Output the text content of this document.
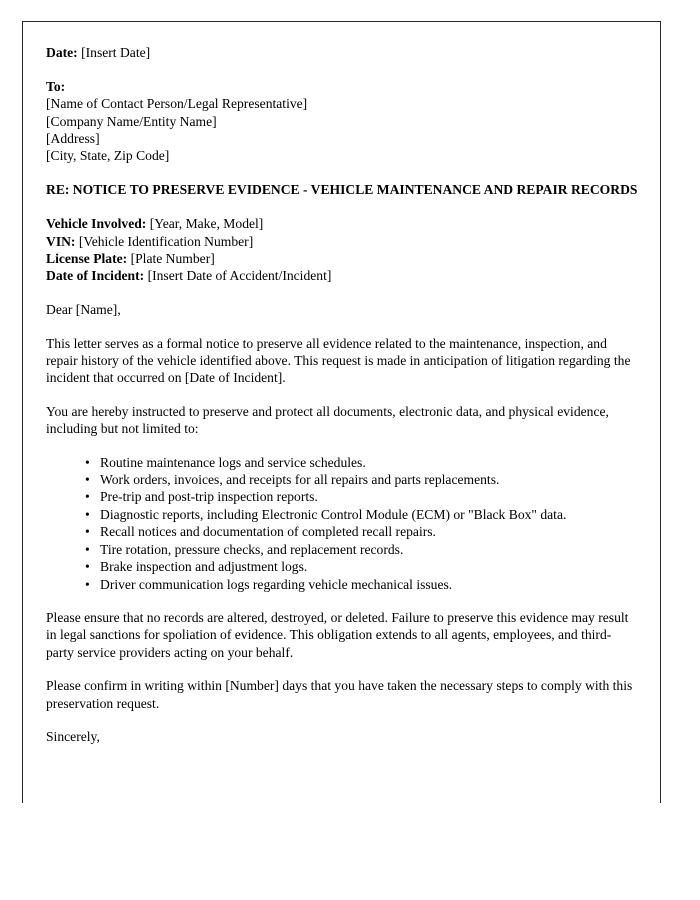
Date: [Insert Date]
To:
[Name of Contact Person/Legal Representative]
[Company Name/Entity Name]
[Address]
[City, State, Zip Code]
RE: NOTICE TO PRESERVE EVIDENCE - VEHICLE MAINTENANCE AND REPAIR RECORDS
Vehicle Involved: [Year, Make, Model]
VIN: [Vehicle Identification Number]
License Plate: [Plate Number]
Date of Incident: [Insert Date of Accident/Incident]

Dear [Name],

This letter serves as a formal notice to preserve all evidence related to the maintenance, inspection, and repair history of the vehicle identified above. This request is made in anticipation of litigation regarding the incident that occurred on [Date of Incident].

You are hereby instructed to preserve and protect all documents, electronic data, and physical evidence, including but not limited to:

• Routine maintenance logs and service schedules.
• Work orders, invoices, and receipts for all repairs and parts replacements.
• Pre-trip and post-trip inspection reports.
• Diagnostic reports, including Electronic Control Module (ECM) or "Black Box" data.
• Recall notices and documentation of completed recall repairs.
• Tire rotation, pressure checks, and replacement records.
• Brake inspection and adjustment logs.
• Driver communication logs regarding vehicle mechanical issues.

Please ensure that no records are altered, destroyed, or deleted. Failure to preserve this evidence may result in legal sanctions for spoliation of evidence. This obligation extends to all agents, employees, and third-party service providers acting on your behalf.

Please confirm in writing within [Number] days that you have taken the necessary steps to comply with this preservation request.

Sincerely,
